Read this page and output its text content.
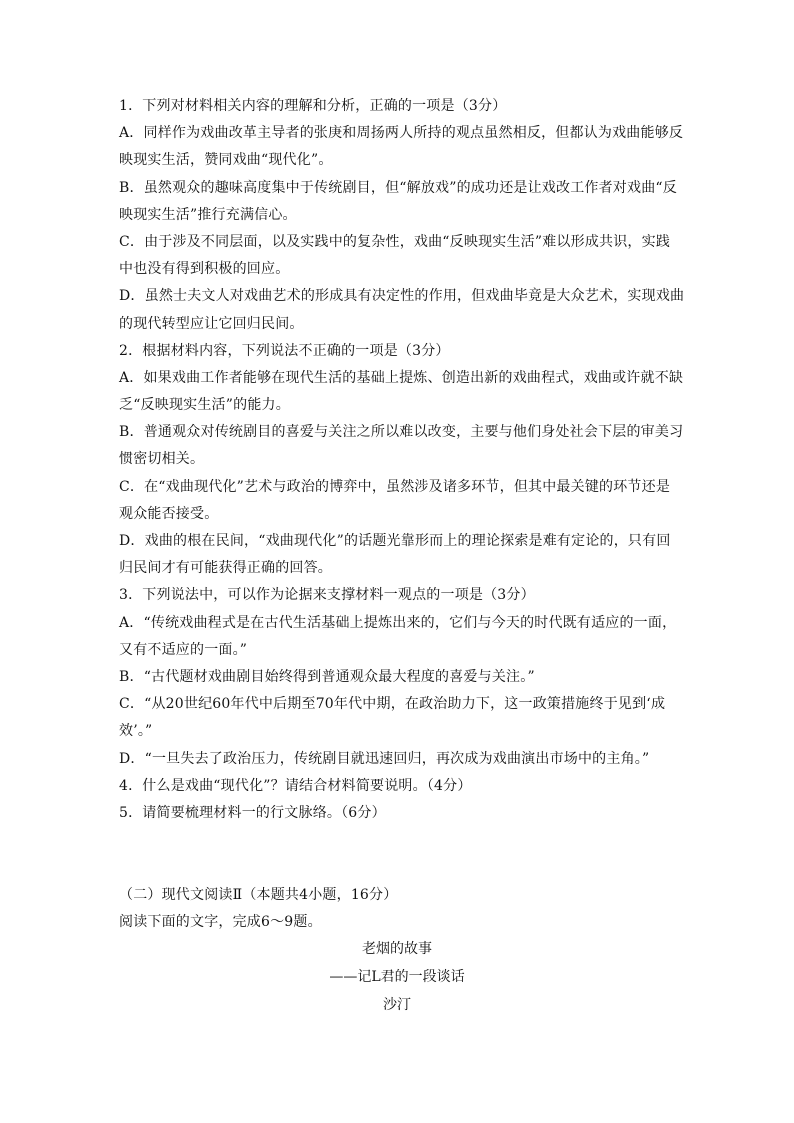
1．下列对材料相关内容的理解和分析，正确的一项是（3分）
A．同样作为戏曲改革主导者的张庚和周扬两人所持的观点虽然相反，但都认为戏曲能够反
映现实生活，赞同戏曲“现代化”。
B．虽然观众的趣味高度集中于传统剧目，但“解放戏”的成功还是让戏改工作者对戏曲“反
映现实生活”推行充满信心。
C．由于涉及不同层面，以及实践中的复杂性，戏曲“反映现实生活”难以形成共识，实践
中也没有得到积极的回应。
D．虽然士夫文人对戏曲艺术的形成具有决定性的作用，但戏曲毕竟是大众艺术，实现戏曲
的现代转型应让它回归民间。
2．根据材料内容，下列说法不正确的一项是（3分）
A．如果戏曲工作者能够在现代生活的基础上提炼、创造出新的戏曲程式，戏曲或许就不缺
乏“反映现实生活”的能力。
B．普通观众对传统剧目的喜爱与关注之所以难以改变，主要与他们身处社会下层的审美习
惯密切相关。
C．在“戏曲现代化”艺术与政治的博弈中，虽然涉及诸多环节，但其中最关键的环节还是
观众能否接受。
D．戏曲的根在民间，“戏曲现代化”的话题光靠形而上的理论探索是难有定论的，只有回
归民间才有可能获得正确的回答。
3．下列说法中，可以作为论据来支撑材料一观点的一项是（3分）
A．“传统戏曲程式是在古代生活基础上提炼出来的，它们与今天的时代既有适应的一面，
又有不适应的一面。”
B．“古代题材戏曲剧目始终得到普通观众最大程度的喜爱与关注。”
C．“从20世纪60年代中后期至70年代中期，在政治助力下，这一政策措施终于见到‘成
效’。”
D．“一旦失去了政治压力，传统剧目就迅速回归，再次成为戏曲演出市场中的主角。”
4．什么是戏曲“现代化”？请结合材料简要说明。（4分）
5．请简要梳理材料一的行文脉络。（6分）
（二）现代文阅读Ⅱ（本题共4小题，16分）
阅读下面的文字，完成6～9题。
老烟的故事
——记L君的一段谈话
沙汀
